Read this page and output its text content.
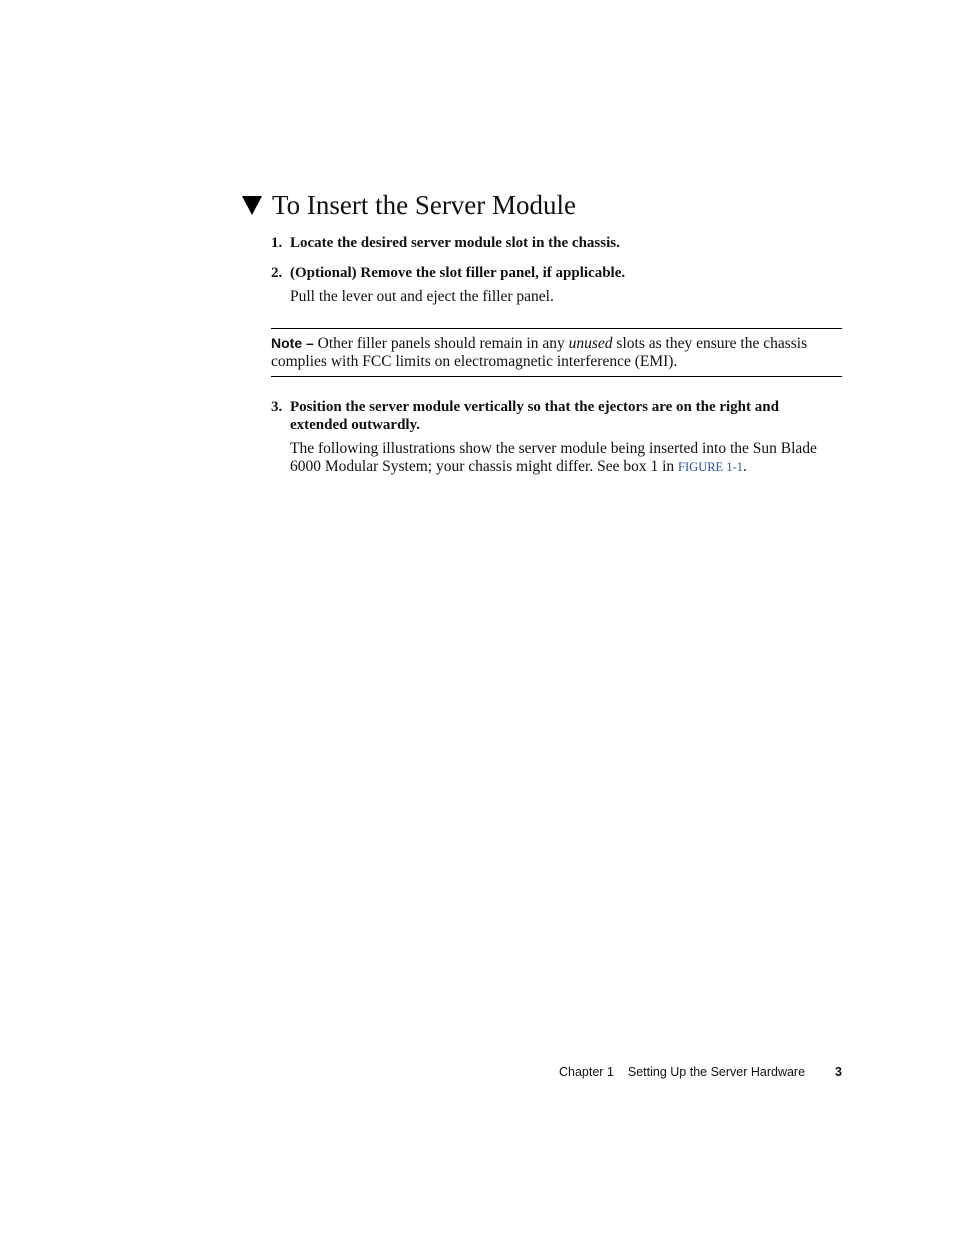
To Insert the Server Module

1. Locate the desired server module slot in the chassis.

2. (Optional) Remove the slot filler panel, if applicable.

Pull the lever out and eject the filler panel.

Note – Other filler panels should remain in any unused slots as they ensure the chassis complies with FCC limits on electromagnetic interference (EMI).

3. Position the server module vertically so that the ejectors are on the right and
extended outwardly.

The following illustrations show the server module being inserted into the Sun Blade 6000 Modular System; your chassis might differ. See box 1 in FIGURE 1-1.

Chapter 1 Setting Up the Server Hardware 3
